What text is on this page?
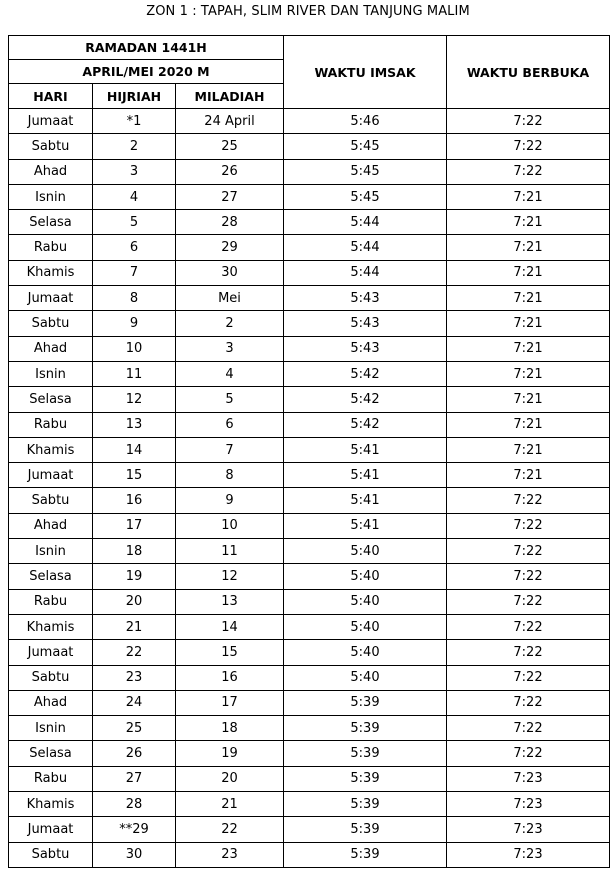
ZON 1 : TAPAH, SLIM RIVER DAN TANJUNG MALIM
RAMADAN 1441H			WAKTU IMSAK	WAKTU BERBUKA
APRIL/MEI 2020 M				
HARI	HIJRIAH	MILADIAH		
Jumaat	*1	24 April	5:46	7:22
Sabtu	2	25	5:45	7:22
Ahad	3	26	5:45	7:22
Isnin	4	27	5:45	7:21
Selasa	5	28	5:44	7:21
Rabu	6	29	5:44	7:21
Khamis	7	30	5:44	7:21
Jumaat	8	Mei	5:43	7:21
Sabtu	9	2	5:43	7:21
Ahad	10	3	5:43	7:21
Isnin	11	4	5:42	7:21
Selasa	12	5	5:42	7:21
Rabu	13	6	5:42	7:21
Khamis	14	7	5:41	7:21
Jumaat	15	8	5:41	7:21
Sabtu	16	9	5:41	7:22
Ahad	17	10	5:41	7:22
Isnin	18	11	5:40	7:22
Selasa	19	12	5:40	7:22
Rabu	20	13	5:40	7:22
Khamis	21	14	5:40	7:22
Jumaat	22	15	5:40	7:22
Sabtu	23	16	5:40	7:22
Ahad	24	17	5:39	7:22
Isnin	25	18	5:39	7:22
Selasa	26	19	5:39	7:22
Rabu	27	20	5:39	7:23
Khamis	28	21	5:39	7:23
Jumaat	**29	22	5:39	7:23
Sabtu	30	23	5:39	7:23
